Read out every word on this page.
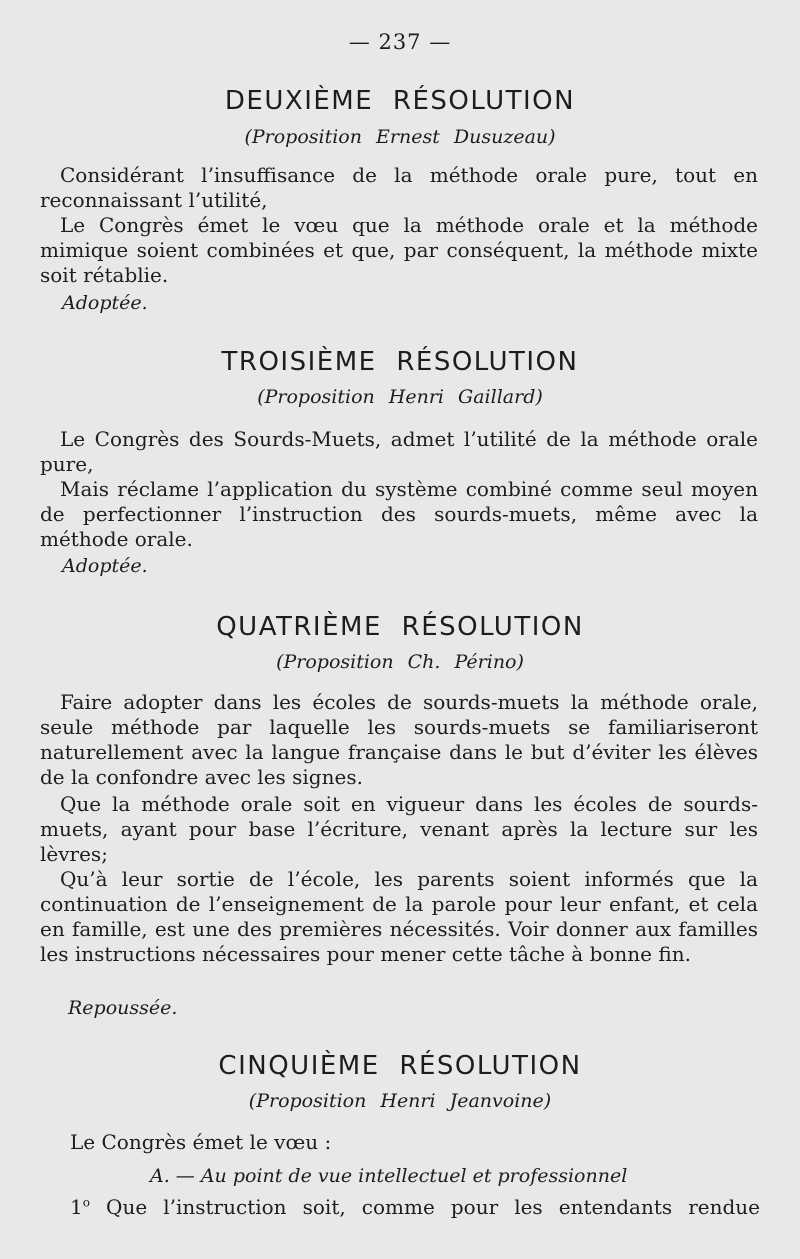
— 237 —
DEUXIÈME RÉSOLUTION
(Proposition Ernest Dusuzeau)
Considérant l’insuffisance de la méthode orale pure, tout en reconnaissant l’utilité,
Le Congrès émet le vœu que la méthode orale et la méthode mimique soient combinées et que, par conséquent, la méthode mixte soit rétablie.
Adoptée.
TROISIÈME RÉSOLUTION
(Proposition Henri Gaillard)
Le Congrès des Sourds-Muets, admet l’utilité de la méthode orale pure,
Mais réclame l’application du système combiné comme seul moyen de perfectionner l’instruction des sourds-muets, même avec la méthode orale.
Adoptée.
QUATRIÈME RÉSOLUTION
(Proposition Ch. Périno)
Faire adopter dans les écoles de sourds-muets la méthode orale, seule méthode par laquelle les sourds-muets se familiariseront naturellement avec la langue française dans le but d’éviter les élèves de la confondre avec les signes.
Que la méthode orale soit en vigueur dans les écoles de sourds-muets, ayant pour base l’écriture, venant après la lecture sur les lèvres;
Qu’à leur sortie de l’école, les parents soient informés que la continuation de l’enseignement de la parole pour leur enfant, et cela en famille, est une des premières nécessités. Voir donner aux familles les instructions nécessaires pour mener cette tâche à bonne fin.
Repoussée.
CINQUIÈME RÉSOLUTION
(Proposition Henri Jeanvoine)
Le Congrès émet le vœu :
A. — Au point de vue intellectuel et professionnel
1$^o$ Que l’instruction soit, comme pour les entendants rendue
